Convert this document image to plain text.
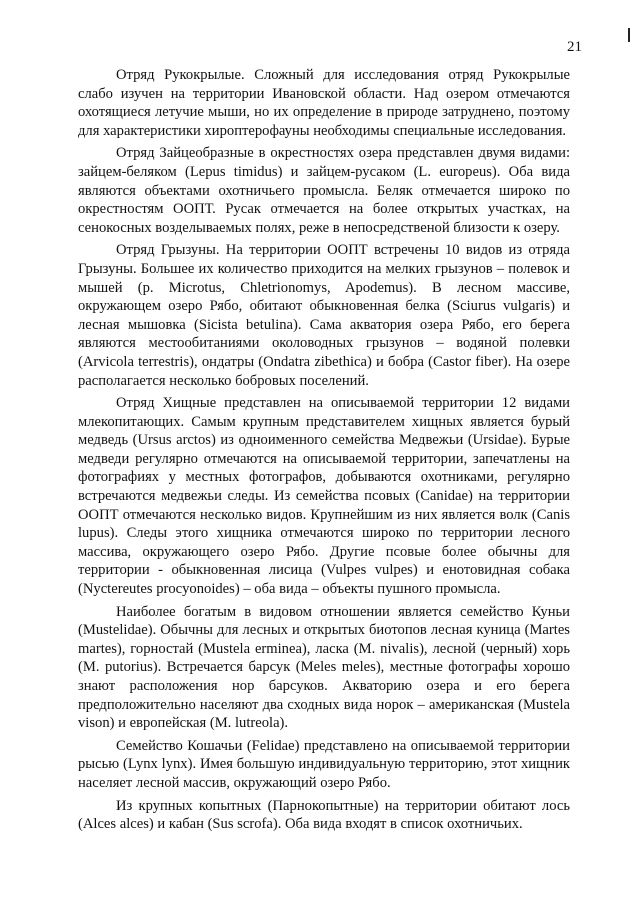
21

Отряд Рукокрылые. Сложный для исследования отряд Рукокрылые слабо изучен на территории Ивановской области. Над озером отмечаются охотящиеся летучие мыши, но их определение в природе затруднено, поэтому для характеристики хироптерофауны необходимы специальные исследования.

Отряд Зайцеобразные в окрестностях озера представлен двумя видами: зайцем-беляком (Lepus timidus) и зайцем-русаком (L. europeus). Оба вида являются объектами охотничьего промысла. Беляк отмечается широко по окрестностям ООПТ. Русак отмечается на более открытых участках, на сенокосных возделываемых полях, реже в непосредственой близости к озеру.

Отряд Грызуны. На территории ООПТ встречены 10 видов из отряда Грызуны. Большее их количество приходится на мелких грызунов – полевок и мышей (р. Microtus, Chletrionomys, Apodemus). В лесном массиве, окружающем озеро Рябо, обитают обыкновенная белка (Sciurus vulgaris) и лесная мышовка (Sicista betulina). Сама акватория озера Рябо, его берега являются местообитаниями околоводных грызунов – водяной полевки (Arvicola terrestris), ондатры (Ondatra zibethica) и бобра (Castor fiber). На озере располагается несколько бобровых поселений.

Отряд Хищные представлен на описываемой территории 12 видами млекопитающих. Самым крупным представителем хищных является бурый медведь (Ursus arctos) из одноименного семейства Медвежьи (Ursidae). Бурые медведи регулярно отмечаются на описываемой территории, запечатлены на фотографиях у местных фотографов, добываются охотниками, регулярно встречаются медвежьи следы. Из семейства псовых (Canidae) на территории ООПТ отмечаются несколько видов. Крупнейшим из них является волк (Canis lupus). Следы этого хищника отмечаются широко по территории лесного массива, окружающего озеро Рябо. Другие псовые более обычны для территории - обыкновенная лисица (Vulpes vulpes) и енотовидная собака (Nyctereutes procyonoides) – оба вида – объекты пушного промысла.

Наиболее богатым в видовом отношении является семейство Куньи (Mustelidae). Обычны для лесных и открытых биотопов лесная куница (Martes martes), горностай (Mustela erminea), ласка (M. nivalis), лесной (черный) хорь (M. putorius). Встречается барсук (Meles meles), местные фотографы хорошо знают расположения нор барсуков. Акваторию озера и его берега предположительно населяют два сходных вида норок – американская (Mustela vison) и европейская (M. lutreola).

Семейство Кошачьи (Felidae) представлено на описываемой территории рысью (Lynx lynx). Имея большую индивидуальную территорию, этот хищник населяет лесной массив, окружающий озеро Рябо.

Из крупных копытных (Парнокопытные) на территории обитают лось (Alces alces) и кабан (Sus scrofa). Оба вида входят в список охотничьих.
